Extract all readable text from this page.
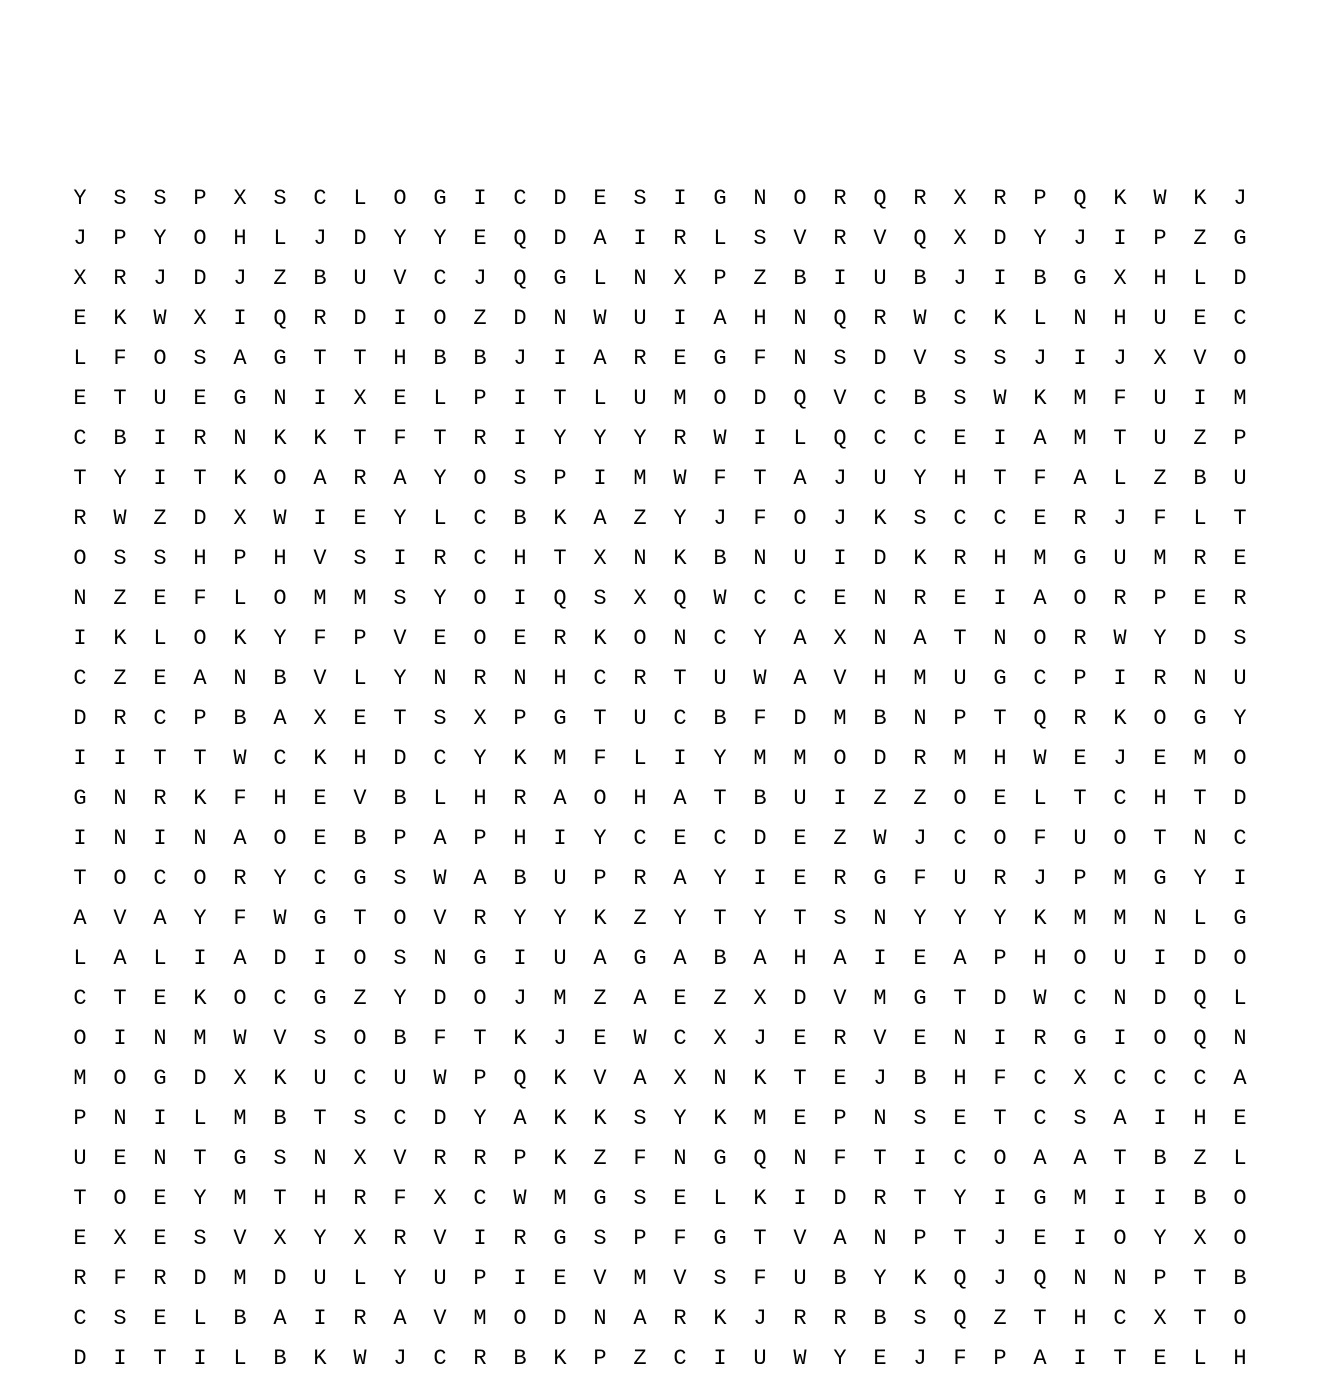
Y	S	S	P	X	S	C	L	O	G	I	C	D	E	S	I	G	N	O	R	Q	R	X	R	P	Q	K	W	K	J
J	P	Y	O	H	L	J	D	Y	Y	E	Q	D	A	I	R	L	S	V	R	V	Q	X	D	Y	J	I	P	Z	G
X	R	J	D	J	Z	B	U	V	C	J	Q	G	L	N	X	P	Z	B	I	U	B	J	I	B	G	X	H	L	D
E	K	W	X	I	Q	R	D	I	O	Z	D	N	W	U	I	A	H	N	Q	R	W	C	K	L	N	H	U	E	C
L	F	O	S	A	G	T	T	H	B	B	J	I	A	R	E	G	F	N	S	D	V	S	S	J	I	J	X	V	O
E	T	U	E	G	N	I	X	E	L	P	I	T	L	U	M	O	D	Q	V	C	B	S	W	K	M	F	U	I	M
C	B	I	R	N	K	K	T	F	T	R	I	Y	Y	Y	R	W	I	L	Q	C	C	E	I	A	M	T	U	Z	P
T	Y	I	T	K	O	A	R	A	Y	O	S	P	I	M	W	F	T	A	J	U	Y	H	T	F	A	L	Z	B	U
R	W	Z	D	X	W	I	E	Y	L	C	B	K	A	Z	Y	J	F	O	J	K	S	C	C	E	R	J	F	L	T
O	S	S	H	P	H	V	S	I	R	C	H	T	X	N	K	B	N	U	I	D	K	R	H	M	G	U	M	R	E
N	Z	E	F	L	O	M	M	S	Y	O	I	Q	S	X	Q	W	C	C	E	N	R	E	I	A	O	R	P	E	R
I	K	L	O	K	Y	F	P	V	E	O	E	R	K	O	N	C	Y	A	X	N	A	T	N	O	R	W	Y	D	S
C	Z	E	A	N	B	V	L	Y	N	R	N	H	C	R	T	U	W	A	V	H	M	U	G	C	P	I	R	N	U
D	R	C	P	B	A	X	E	T	S	X	P	G	T	U	C	B	F	D	M	B	N	P	T	Q	R	K	O	G	Y
I	I	T	T	W	C	K	H	D	C	Y	K	M	F	L	I	Y	M	M	O	D	R	M	H	W	E	J	E	M	O
G	N	R	K	F	H	E	V	B	L	H	R	A	O	H	A	T	B	U	I	Z	Z	O	E	L	T	C	H	T	D
I	N	I	N	A	O	E	B	P	A	P	H	I	Y	C	E	C	D	E	Z	W	J	C	O	F	U	O	T	N	C
T	O	C	O	R	Y	C	G	S	W	A	B	U	P	R	A	Y	I	E	R	G	F	U	R	J	P	M	G	Y	I
A	V	A	Y	F	W	G	T	O	V	R	Y	Y	K	Z	Y	T	Y	T	S	N	Y	Y	Y	K	M	M	N	L	G
L	A	L	I	A	D	I	O	S	N	G	I	U	A	G	A	B	A	H	A	I	E	A	P	H	O	U	I	D	O
C	T	E	K	O	C	G	Z	Y	D	O	J	M	Z	A	E	Z	X	D	V	M	G	T	D	W	C	N	D	Q	L
O	I	N	M	W	V	S	O	B	F	T	K	J	E	W	C	X	J	E	R	V	E	N	I	R	G	I	O	Q	N
M	O	G	D	X	K	U	C	U	W	P	Q	K	V	A	X	N	K	T	E	J	B	H	F	C	X	C	C	C	A
P	N	I	L	M	B	T	S	C	D	Y	A	K	K	S	Y	K	M	E	P	N	S	E	T	C	S	A	I	H	E
U	E	N	T	G	S	N	X	V	R	R	P	K	Z	F	N	G	Q	N	F	T	I	C	O	A	A	T	B	Z	L
T	O	E	Y	M	T	H	R	F	X	C	W	M	G	S	E	L	K	I	D	R	T	Y	I	G	M	I	I	B	O
E	X	E	S	V	X	Y	X	R	V	I	R	G	S	P	F	G	T	V	A	N	P	T	J	E	I	O	Y	X	O
R	F	R	D	M	D	U	L	Y	U	P	I	E	V	M	V	S	F	U	B	Y	K	Q	J	Q	N	N	P	T	B
C	S	E	L	B	A	I	R	A	V	M	O	D	N	A	R	K	J	R	R	B	S	Q	Z	T	H	C	X	T	O
D	I	T	I	L	B	K	W	J	C	R	B	K	P	Z	C	I	U	W	Y	E	J	F	P	A	I	T	E	L	H
